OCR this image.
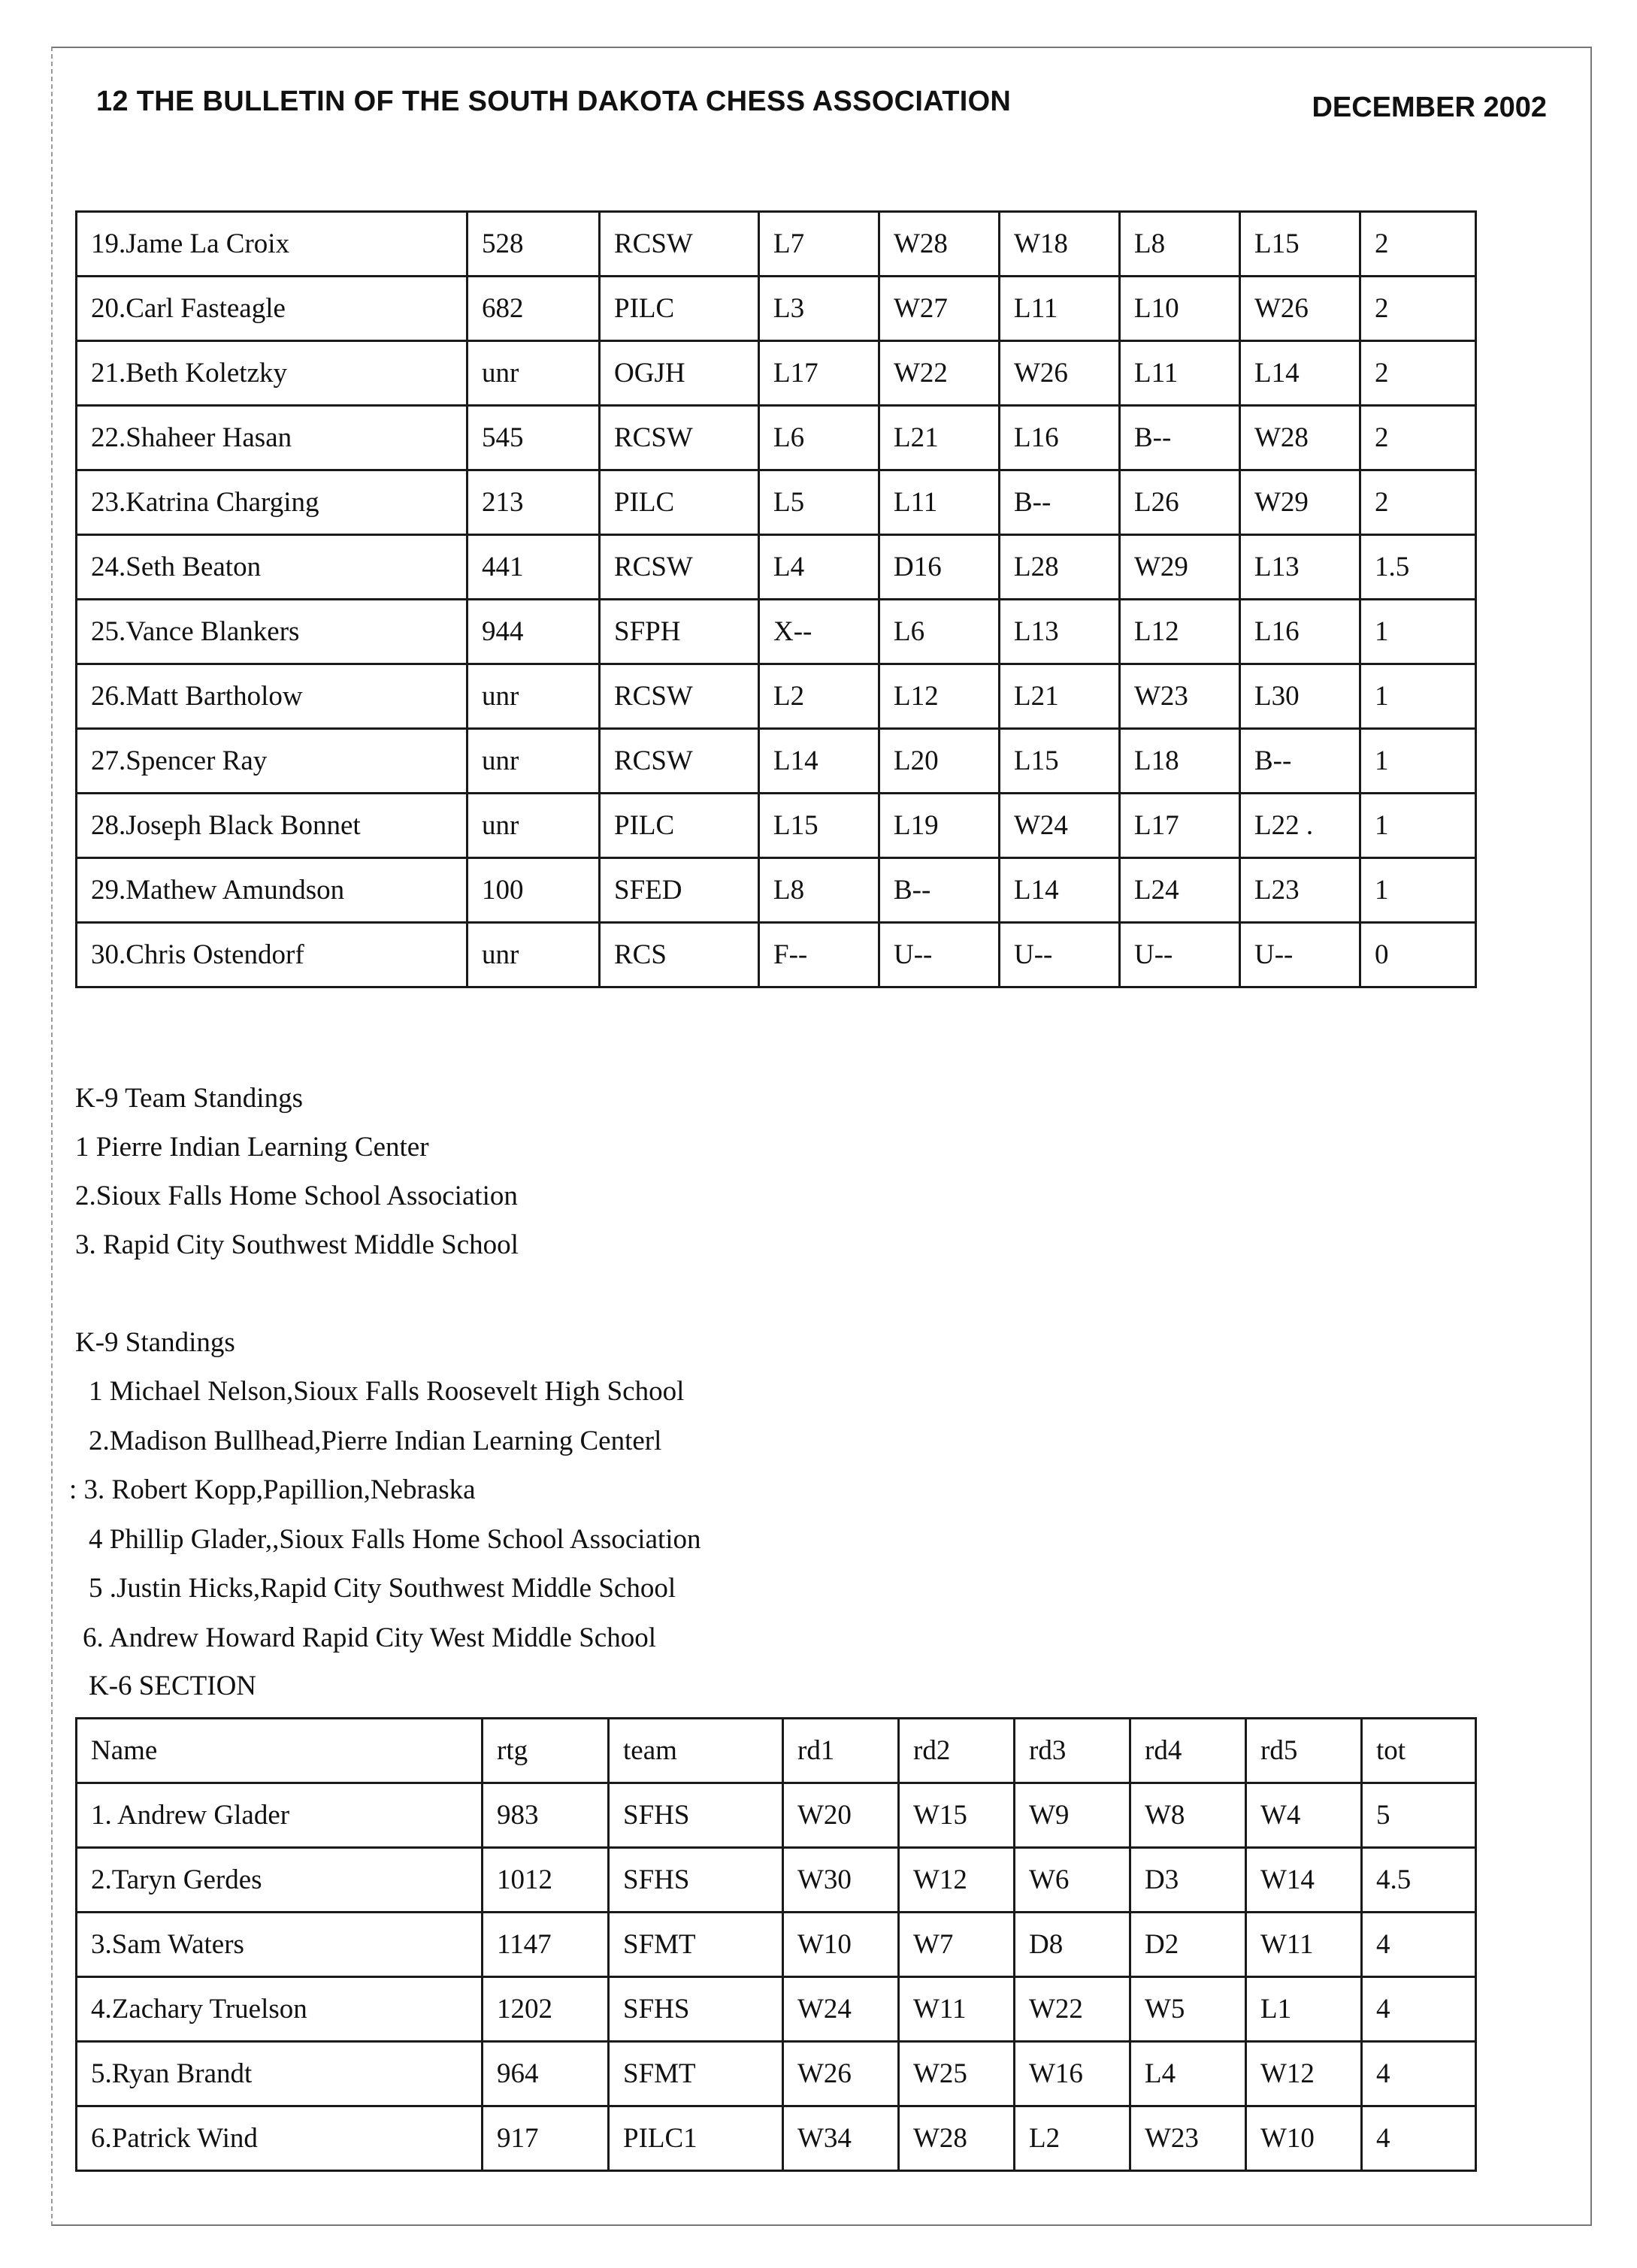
12 THE BULLETIN OF THE SOUTH DAKOTA CHESS ASSOCIATION	DECEMBER 2002
19.Jame La Croix	528	RCSW	L7	W28	W18	L8	L15	2
20.Carl Fasteagle	682	PILC	L3	W27	L11	L10	W26	2
21.Beth Koletzky	unr	OGJH	L17	W22	W26	L11	L14	2
22.Shaheer Hasan	545	RCSW	L6	L21	L16	B--	W28	2
23.Katrina Charging	213	PILC	L5	L11	B--	L26	W29	2
24.Seth Beaton	441	RCSW	L4	D16	L28	W29	L13	1.5
25.Vance Blankers	944	SFPH	X--	L6	L13	L12	L16	1
26.Matt Bartholow	unr	RCSW	L2	L12	L21	W23	L30	1
27.Spencer Ray	unr	RCSW	L14	L20	L15	L18	B--	1
28.Joseph Black Bonnet	unr	PILC	L15	L19	W24	L17	L22 .	1
29.Mathew Amundson	100	SFED	L8	B--	L14	L24	L23	1
30.Chris Ostendorf	unr	RCS	F--	U--	U--	U--	U--	0
K-9 Team Standings
1 Pierre Indian Learning Center
2.Sioux Falls Home School Association
3. Rapid City Southwest Middle School
K-9 Standings
1 Michael Nelson,Sioux Falls Roosevelt High School
2.Madison Bullhead,Pierre Indian Learning Centerl
: 3. Robert Kopp,Papillion,Nebraska
4 Phillip Glader,,Sioux Falls Home School Association
5 .Justin Hicks,Rapid City Southwest Middle School
6. Andrew Howard Rapid City West Middle School
K-6 SECTION
Name	rtg	team	rd1	rd2	rd3	rd4	rd5	tot
1. Andrew Glader	983	SFHS	W20	W15	W9	W8	W4	5
2.Taryn Gerdes	1012	SFHS	W30	W12	W6	D3	W14	4.5
3.Sam Waters	1147	SFMT	W10	W7	D8	D2	W11	4
4.Zachary Truelson	1202	SFHS	W24	W11	W22	W5	L1	4
5.Ryan Brandt	964	SFMT	W26	W25	W16	L4	W12	4
6.Patrick Wind	917	PILC1	W34	W28	L2	W23	W10	4
